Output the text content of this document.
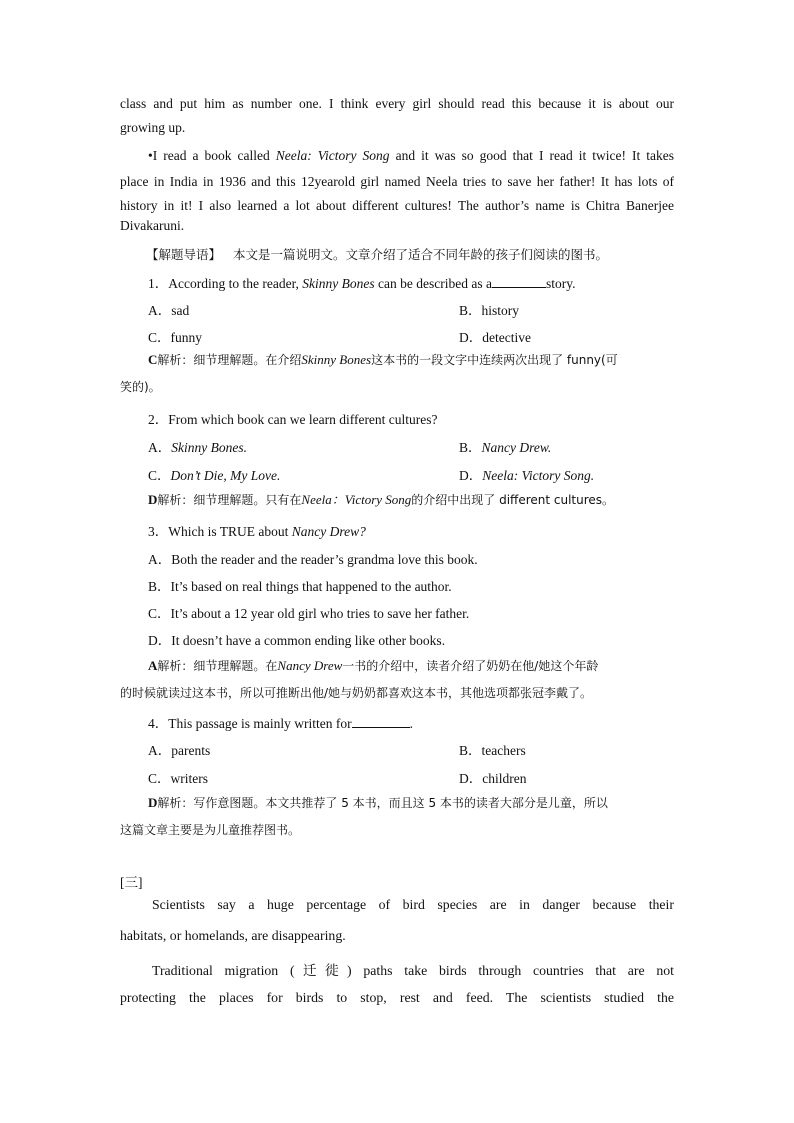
class and put him as number one. I think every girl should read this because it is about our
growing up.
•I read a book called Neela: Victory Song and it was so good that I read it twice! It takes
place in India in 1936 and this 12yearold girl named Neela tries to save her father! It has lots of
history in it! I also learned a lot about different cultures! The author’s name is Chitra Banerjee
Divakaruni.
【解题导语】 本文是一篇说明文。文章介绍了适合不同年龄的孩子们阅读的图书。
1．According to the reader, Skinny Bones can be described as a	story.
A．sad	B．history
C．funny	D．detective
C解析：细节理解题。在介绍Skinny Bones这本书的一段文字中连续两次出现了 funny(可
笑的)。
2．From which book can we learn different cultures?
A．Skinny Bones.	B．Nancy Drew.
C．Don’t Die, My Love.	D．Neela: Victory Song.
D解析：细节理解题。只有在Neela：Victory Song的介绍中出现了 different cultures。
3．Which is TRUE about Nancy Drew?
A．Both the reader and the reader’s grandma love this book.
B．It’s based on real things that happened to the author.
C．It’s about a 12 year old girl who tries to save her father.
D．It doesn’t have a common ending like other books.
A解析：细节理解题。在Nancy Drew一书的介绍中，读者介绍了奶奶在他/她这个年龄
的时候就读过这本书，所以可推断出他/她与奶奶都喜欢这本书，其他选项都张冠李戴了。
4．This passage is mainly written for	.
A．parents	B．teachers
C．writers	D．children
D解析：写作意图题。本文共推荐了 5 本书，而且这 5 本书的读者大部分是儿童，所以
这篇文章主要是为儿童推荐图书。
[三]
Scientists say a huge percentage of bird species are in danger because their
habitats, or homelands, are disappearing.
Traditional migration (迁徙) paths take birds through countries that are not
protecting the places for birds to stop, rest and feed. The scientists studied the
